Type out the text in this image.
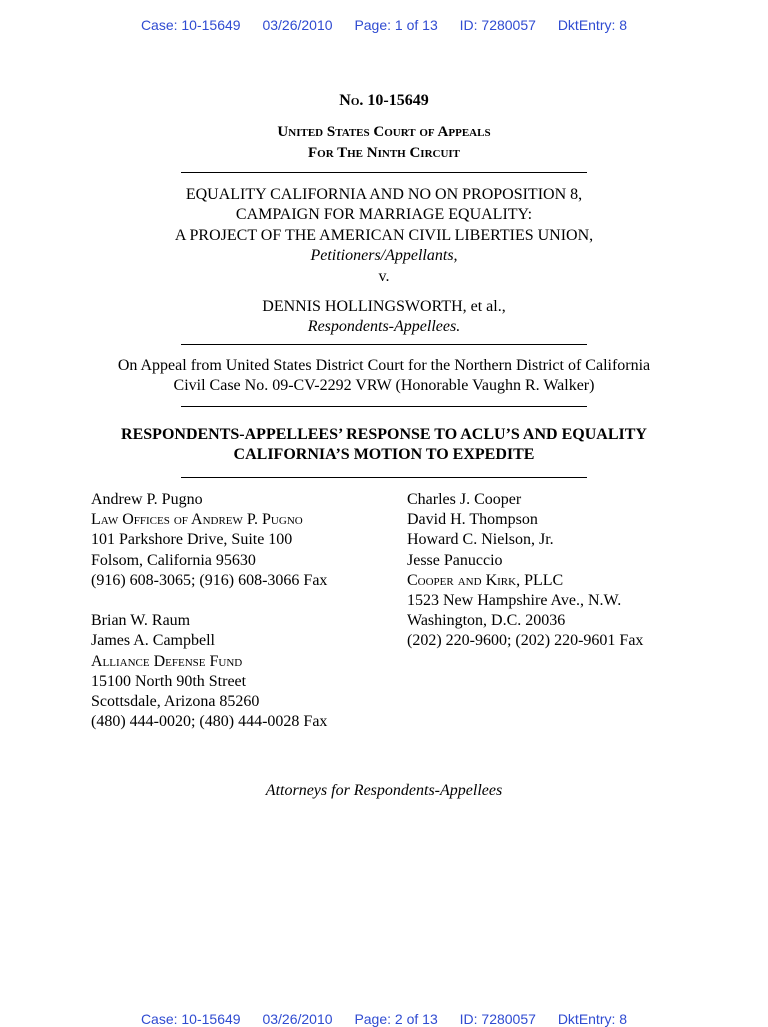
Case: 10-15649 03/26/2010 Page: 1 of 13 ID: 7280057 DktEntry: 8
No. 10-15649
United States Court of Appeals
For The Ninth Circuit
EQUALITY CALIFORNIA AND NO ON PROPOSITION 8,
CAMPAIGN FOR MARRIAGE EQUALITY:
A PROJECT OF THE AMERICAN CIVIL LIBERTIES UNION,
Petitioners/Appellants,
v.
DENNIS HOLLINGSWORTH, et al.,
Respondents-Appellees.
On Appeal from United States District Court for the Northern District of California
Civil Case No. 09-CV-2292 VRW (Honorable Vaughn R. Walker)
RESPONDENTS-APPELLEES’ RESPONSE TO ACLU’S AND EQUALITY
CALIFORNIA’S MOTION TO EXPEDITE
Andrew P. Pugno
Law Offices of Andrew P. Pugno
101 Parkshore Drive, Suite 100
Folsom, California 95630
(916) 608-3065; (916) 608-3066 Fax
Brian W. Raum
James A. Campbell
Alliance Defense Fund
15100 North 90th Street
Scottsdale, Arizona 85260
(480) 444-0020; (480) 444-0028 Fax
Charles J. Cooper
David H. Thompson
Howard C. Nielson, Jr.
Jesse Panuccio
Cooper and Kirk, PLLC
1523 New Hampshire Ave., N.W.
Washington, D.C. 20036
(202) 220-9600; (202) 220-9601 Fax
Attorneys for Respondents-Appellees
Case: 10-15649 03/26/2010 Page: 2 of 13 ID: 7280057 DktEntry: 8
